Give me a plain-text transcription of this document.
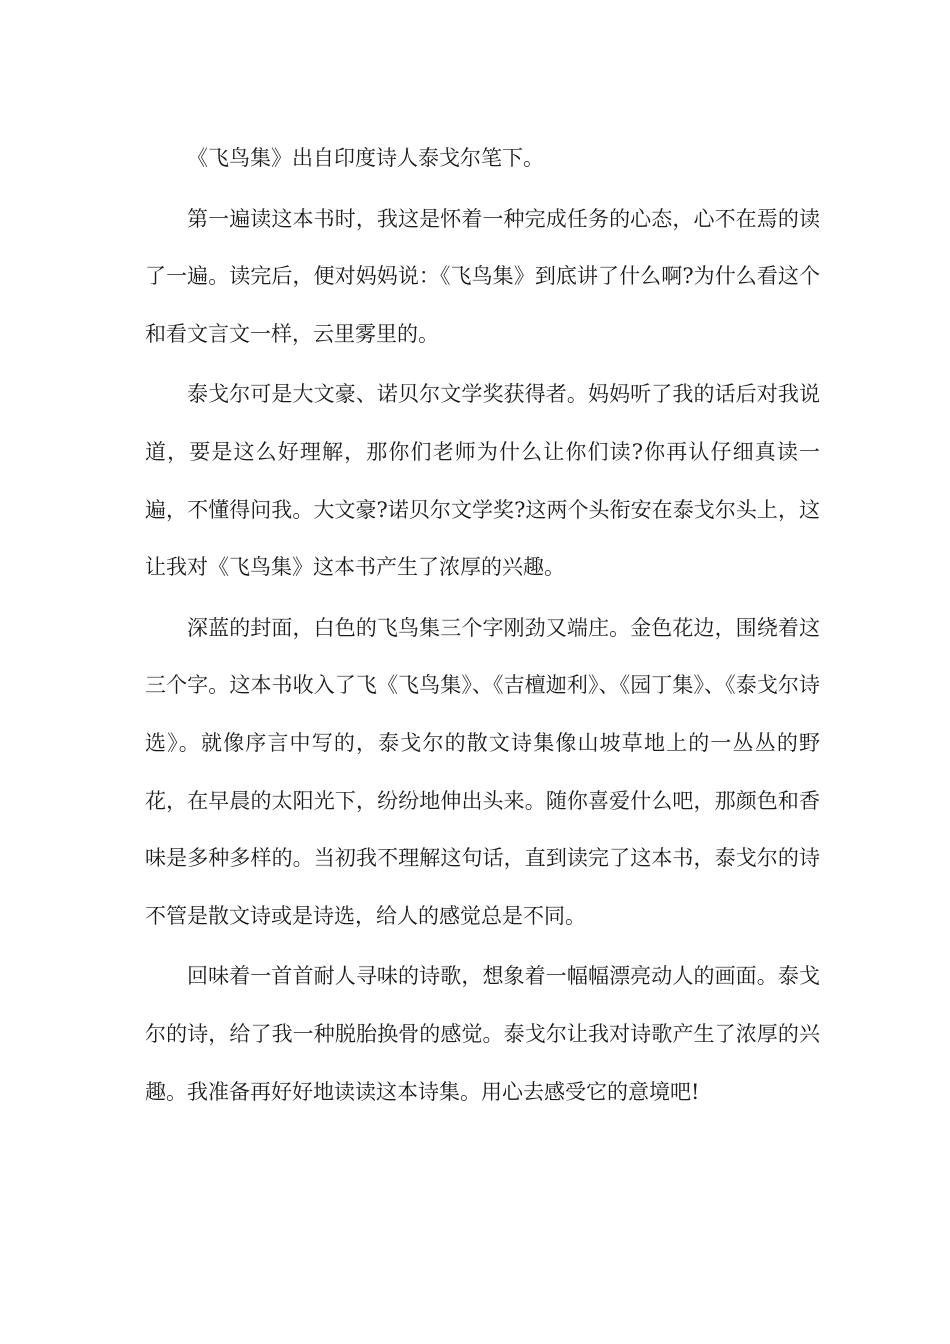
《飞鸟集》出自印度诗人泰戈尔笔下。

第一遍读这本书时，我这是怀着一种完成任务的心态，心不在焉的读了一遍。读完后，便对妈妈说：《飞鸟集》到底讲了什么啊?为什么看这个和看文言文一样，云里雾里的。

泰戈尔可是大文豪、诺贝尔文学奖获得者。妈妈听了我的话后对我说道，要是这么好理解，那你们老师为什么让你们读?你再认仔细真读一遍，不懂得问我。大文豪?诺贝尔文学奖?这两个头衔安在泰戈尔头上，这让我对《飞鸟集》这本书产生了浓厚的兴趣。

深蓝的封面，白色的飞鸟集三个字刚劲又端庄。金色花边，围绕着这三个字。这本书收入了飞《飞鸟集》、《吉檀迦利》、《园丁集》、《泰戈尔诗选》。就像序言中写的，泰戈尔的散文诗集像山坡草地上的一丛丛的野花，在早晨的太阳光下，纷纷地伸出头来。随你喜爱什么吧，那颜色和香味是多种多样的。当初我不理解这句话，直到读完了这本书，泰戈尔的诗不管是散文诗或是诗选，给人的感觉总是不同。

回味着一首首耐人寻味的诗歌，想象着一幅幅漂亮动人的画面。泰戈尔的诗，给了我一种脱胎换骨的感觉。泰戈尔让我对诗歌产生了浓厚的兴趣。我准备再好好地读读这本诗集。用心去感受它的意境吧!
